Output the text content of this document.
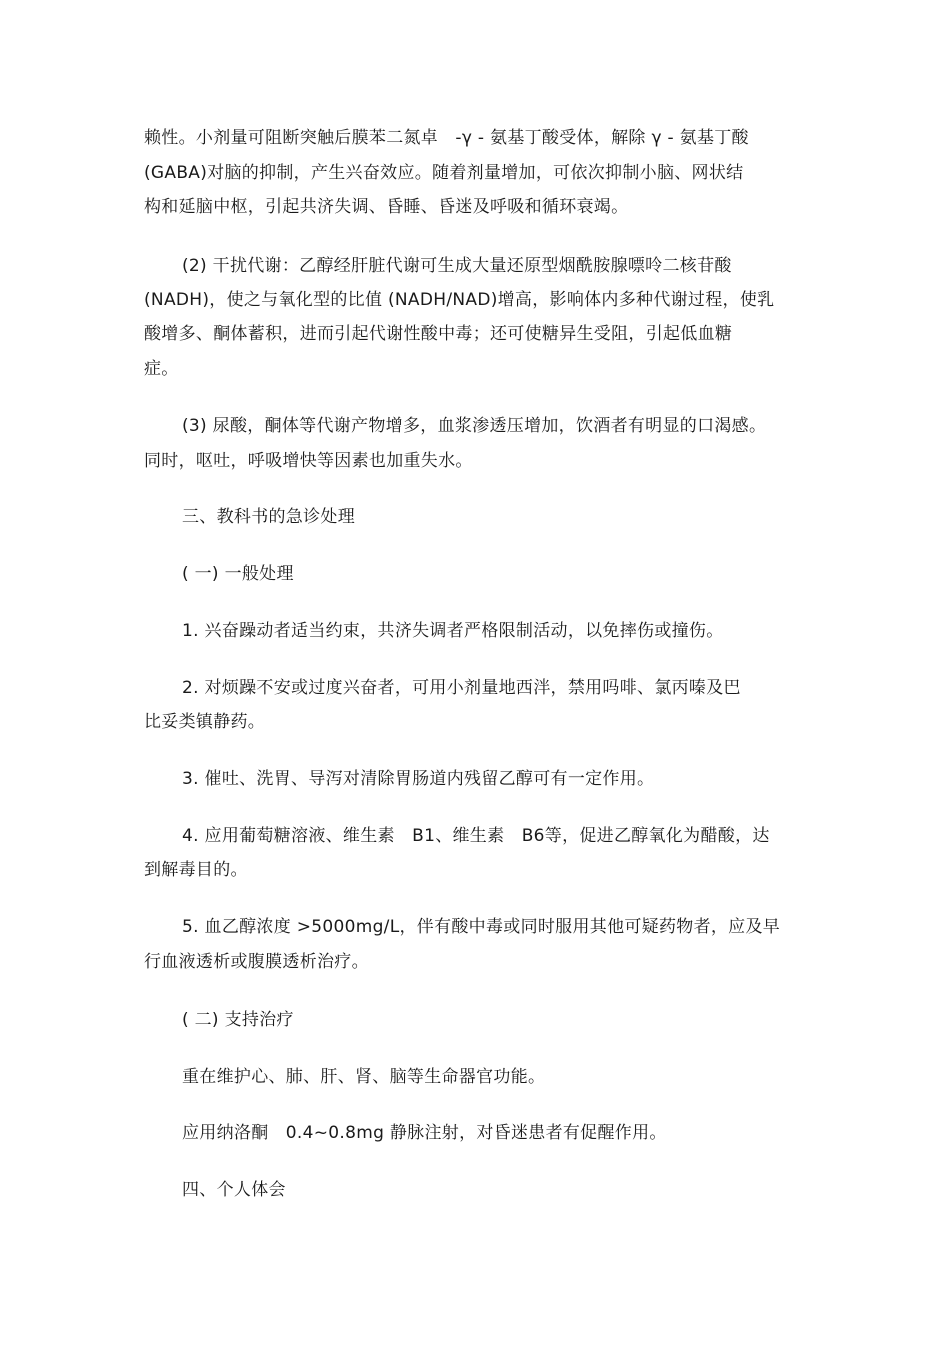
赖性。小剂量可阻断突触后膜苯二氮卓　-γ - 氨基丁酸受体，解除 γ - 氨基丁酸
(GABA)对脑的抑制，产生兴奋效应。随着剂量增加，可依次抑制小脑、网状结
构和延脑中枢，引起共济失调、昏睡、昏迷及呼吸和循环衰竭。
(2) 干扰代谢：乙醇经肝脏代谢可生成大量还原型烟酰胺腺嘌呤二核苷酸
(NADH)，使之与氧化型的比值 (NADH/NAD)增高，影响体内多种代谢过程，使乳
酸增多、酮体蓄积，进而引起代谢性酸中毒；还可使糖异生受阻，引起低血糖
症。
(3) 尿酸，酮体等代谢产物增多，血浆渗透压增加，饮酒者有明显的口渴感。
同时，呕吐，呼吸增快等因素也加重失水。
三、教科书的急诊处理
( 一) 一般处理
1. 兴奋躁动者适当约束，共济失调者严格限制活动，以免摔伤或撞伤。
2. 对烦躁不安或过度兴奋者，可用小剂量地西泮，禁用吗啡、氯丙嗪及巴
比妥类镇静药。
3. 催吐、洗胃、导泻对清除胃肠道内残留乙醇可有一定作用。
4. 应用葡萄糖溶液、维生素　B1、维生素　B6等，促进乙醇氧化为醋酸，达
到解毒目的。
5. 血乙醇浓度 >5000mg/L，伴有酸中毒或同时服用其他可疑药物者，应及早
行血液透析或腹膜透析治疗。
( 二) 支持治疗
重在维护心、肺、肝、肾、脑等生命器官功能。
应用纳洛酮　0.4~0.8mg 静脉注射，对昏迷患者有促醒作用。
四、个人体会
